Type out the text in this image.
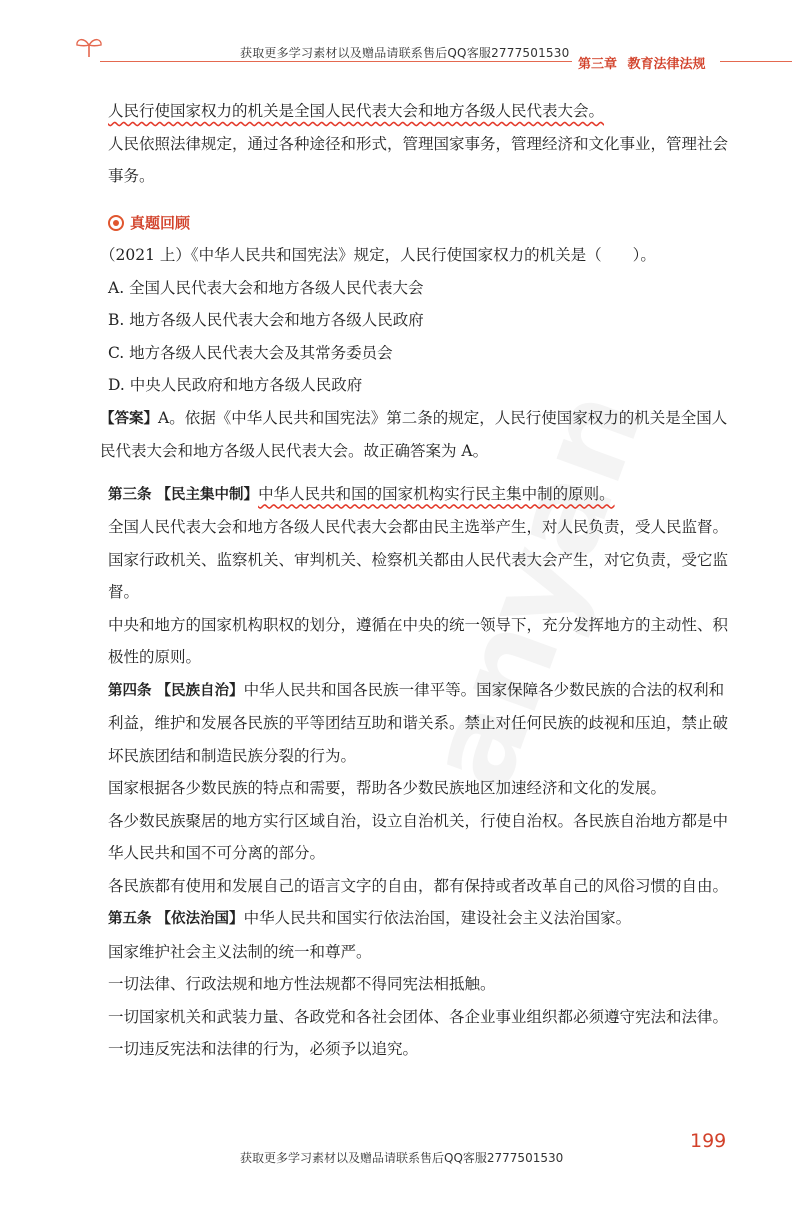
获取更多学习素材以及赠品请联系售后QQ客服2777501530
第三章 教育法律法规

人民行使国家权力的机关是全国人民代表大会和地方各级人民代表大会。

人民依照法律规定，通过各种途径和形式，管理国家事务，管理经济和文化事业，管理社会事务。

真题回顾

（2021 上）《中华人民共和国宪法》规定，人民行使国家权力的机关是（　　）。

A. 全国人民代表大会和地方各级人民代表大会

B. 地方各级人民代表大会和地方各级人民政府

C. 地方各级人民代表大会及其常务委员会

D. 中央人民政府和地方各级人民政府

【答案】A。依据《中华人民共和国宪法》第二条的规定，人民行使国家权力的机关是全国人民代表大会和地方各级人民代表大会。故正确答案为 A。

第三条 【民主集中制】中华人民共和国的国家机构实行民主集中制的原则。

全国人民代表大会和地方各级人民代表大会都由民主选举产生，对人民负责，受人民监督。

国家行政机关、监察机关、审判机关、检察机关都由人民代表大会产生，对它负责，受它监督。

中央和地方的国家机构职权的划分，遵循在中央的统一领导下，充分发挥地方的主动性、积极性的原则。

第四条 【民族自治】中华人民共和国各民族一律平等。国家保障各少数民族的合法的权利和利益，维护和发展各民族的平等团结互助和谐关系。禁止对任何民族的歧视和压迫，禁止破坏民族团结和制造民族分裂的行为。

国家根据各少数民族的特点和需要，帮助各少数民族地区加速经济和文化的发展。

各少数民族聚居的地方实行区域自治，设立自治机关，行使自治权。各民族自治地方都是中华人民共和国不可分离的部分。

各民族都有使用和发展自己的语言文字的自由，都有保持或者改革自己的风俗习惯的自由。

第五条 【依法治国】中华人民共和国实行依法治国，建设社会主义法治国家。

国家维护社会主义法制的统一和尊严。

一切法律、行政法规和地方性法规都不得同宪法相抵触。

一切国家机关和武装力量、各政党和各社会团体、各企业事业组织都必须遵守宪法和法律。一切违反宪法和法律的行为，必须予以追究。

199
获取更多学习素材以及赠品请联系售后QQ客服2777501530
